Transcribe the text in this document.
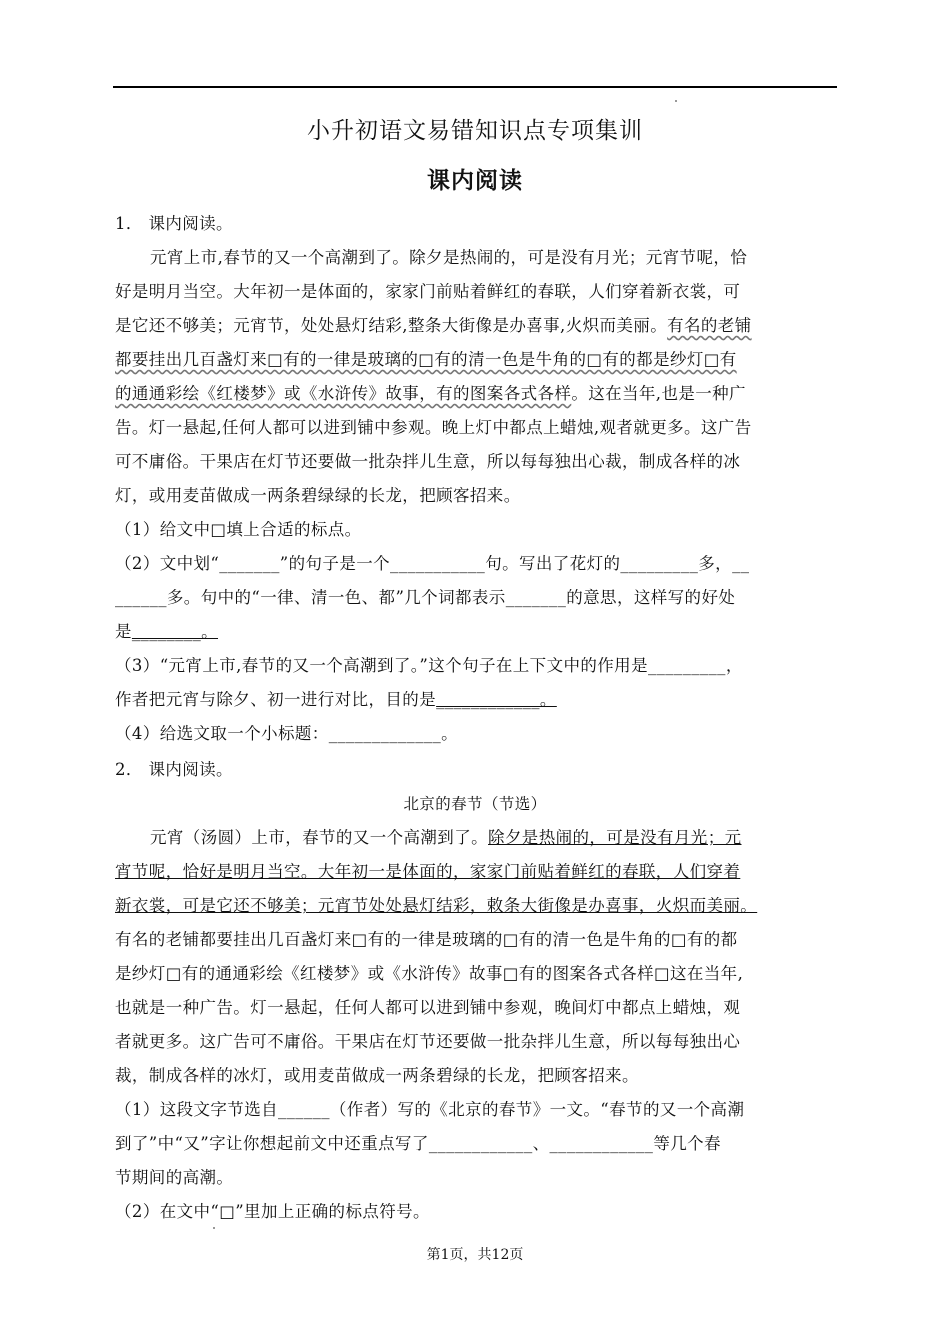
小升初语文易错知识点专项集训
课内阅读
1． 课内阅读。
元宵上市,春节的又一个高潮到了。除夕是热闹的，可是没有月光；元宵节呢，恰
好是明月当空。大年初一是体面的，家家门前贴着鲜红的春联，人们穿着新衣裳，可
是它还不够美；元宵节，处处悬灯结彩,整条大街像是办喜事,火炽而美丽。有名的老铺
都要挂出几百盏灯来□有的一律是玻璃的□有的清一色是牛角的□有的都是纱灯□有
的通通彩绘《红楼梦》或《水浒传》故事，有的图案各式各样。这在当年,也是一种广
告。灯一悬起,任何人都可以进到铺中参观。晚上灯中都点上蜡烛,观者就更多。这广告
可不庸俗。干果店在灯节还要做一批杂拌儿生意，所以每每独出心裁，制成各样的冰
灯，或用麦苗做成一两条碧绿绿的长龙，把顾客招来。
（1）给文中□填上合适的标点。
（2）文中划“_______”的句子是一个___________句。写出了花灯的_________多，__
______多。句中的“一律、清一色、都”几个词都表示_______的意思，这样写的好处
是________。
（3）“元宵上市,春节的又一个高潮到了。”这个句子在上下文中的作用是_________，
作者把元宵与除夕、初一进行对比，目的是____________。
（4）给选文取一个小标题：_____________。
2． 课内阅读。
北京的春节（节选）
元宵（汤圆）上市，春节的又一个高潮到了。除夕是热闹的，可是没有月光；元
宵节呢，恰好是明月当空。大年初一是体面的，家家门前贴着鲜红的春联，人们穿着
新衣裳，可是它还不够美；元宵节处处悬灯结彩，敕条大街像是办喜事，火炽而美丽。
有名的老铺都要挂出几百盏灯来□有的一律是玻璃的□有的清一色是牛角的□有的都
是纱灯□有的通通彩绘《红楼梦》或《水浒传》故事□有的图案各式各样□这在当年,
也就是一种广告。灯一悬起，任何人都可以进到铺中参观，晚间灯中都点上蜡烛，观
者就更多。这广告可不庸俗。干果店在灯节还要做一批杂拌儿生意，所以每每独出心
裁，制成各样的冰灯，或用麦苗做成一两条碧绿的长龙，把顾客招来。
（1）这段文字节选自______（作者）写的《北京的春节》一文。“春节的又一个高潮
到了”中“又”字让你想起前文中还重点写了____________、____________等几个春
节期间的高潮。
（2）在文中“□”里加上正确的标点符号。
第1页，共12页
